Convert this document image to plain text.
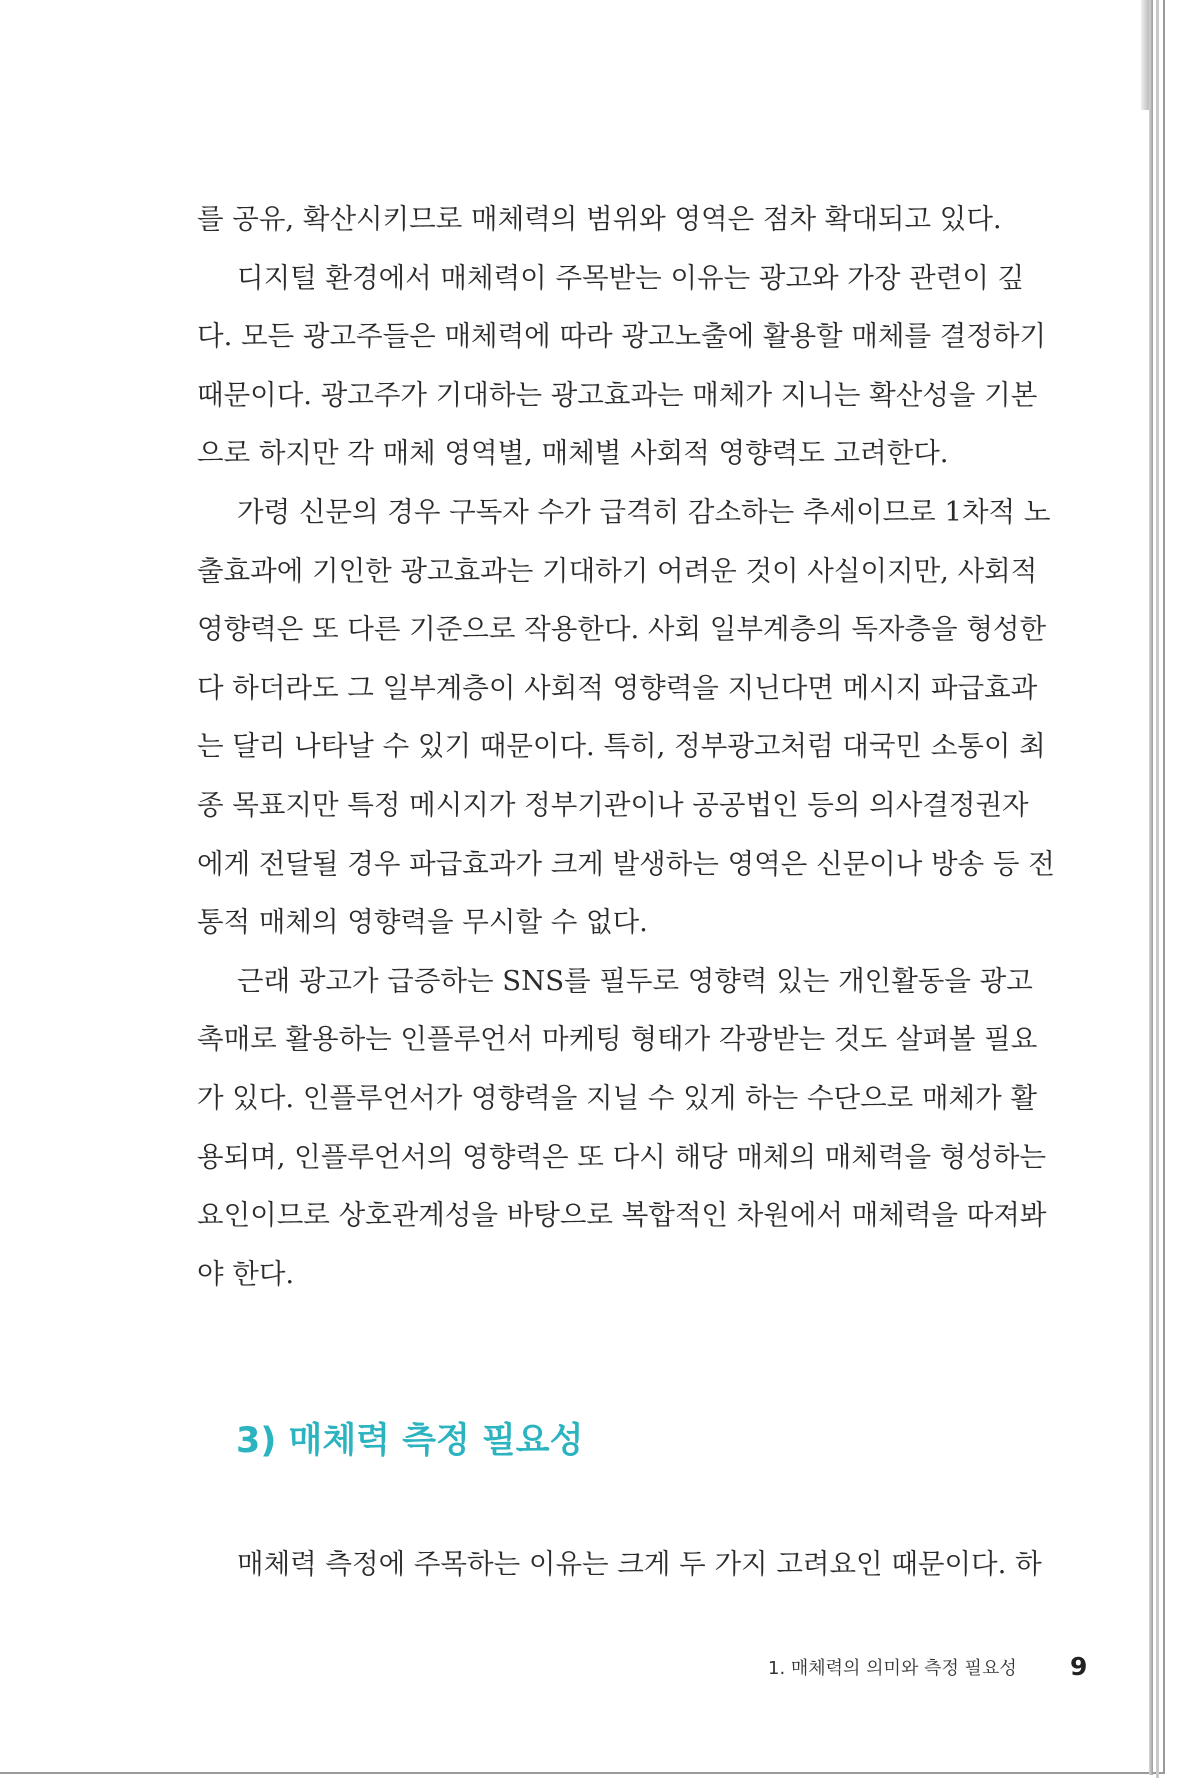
를 공유, 확산시키므로 매체력의 범위와 영역은 점차 확대되고 있다.
디지털 환경에서 매체력이 주목받는 이유는 광고와 가장 관련이 깊
다. 모든 광고주들은 매체력에 따라 광고노출에 활용할 매체를 결정하기
때문이다. 광고주가 기대하는 광고효과는 매체가 지니는 확산성을 기본
으로 하지만 각 매체 영역별, 매체별 사회적 영향력도 고려한다.
가령 신문의 경우 구독자 수가 급격히 감소하는 추세이므로 1차적 노
출효과에 기인한 광고효과는 기대하기 어려운 것이 사실이지만, 사회적
영향력은 또 다른 기준으로 작용한다. 사회 일부계층의 독자층을 형성한
다 하더라도 그 일부계층이 사회적 영향력을 지닌다면 메시지 파급효과
는 달리 나타날 수 있기 때문이다. 특히, 정부광고처럼 대국민 소통이 최
종 목표지만 특정 메시지가 정부기관이나 공공법인 등의 의사결정권자
에게 전달될 경우 파급효과가 크게 발생하는 영역은 신문이나 방송 등 전
통적 매체의 영향력을 무시할 수 없다.
근래 광고가 급증하는 SNS를 필두로 영향력 있는 개인활동을 광고
촉매로 활용하는 인플루언서 마케팅 형태가 각광받는 것도 살펴볼 필요
가 있다. 인플루언서가 영향력을 지닐 수 있게 하는 수단으로 매체가 활
용되며, 인플루언서의 영향력은 또 다시 해당 매체의 매체력을 형성하는
요인이므로 상호관계성을 바탕으로 복합적인 차원에서 매체력을 따져봐
야 한다.
3) 매체력 측정 필요성
매체력 측정에 주목하는 이유는 크게 두 가지 고려요인 때문이다. 하
1. 매체력의 의미와 측정 필요성 9
